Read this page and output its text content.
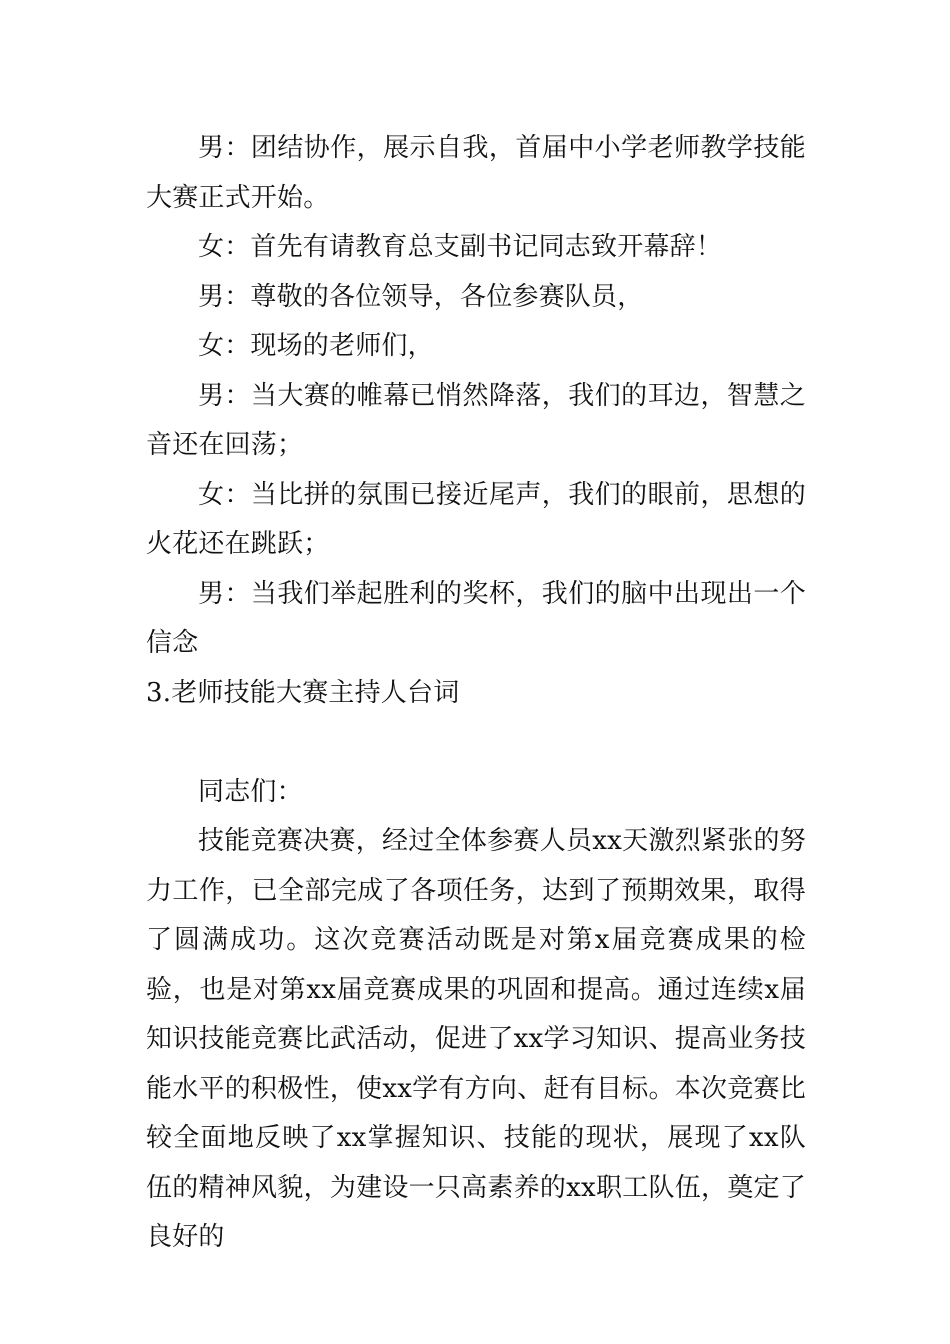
男：团结协作，展示自我，首届中小学老师教学技能大赛正式开始。

女：首先有请教育总支副书记同志致开幕辞！

男：尊敬的各位领导，各位参赛队员，

女：现场的老师们，

男：当大赛的帷幕已悄然降落，我们的耳边，智慧之音还在回荡；

女：当比拼的氛围已接近尾声，我们的眼前，思想的火花还在跳跃；

男：当我们举起胜利的奖杯，我们的脑中出现出一个信念

3.老师技能大赛主持人台词

同志们：

技能竞赛决赛，经过全体参赛人员xx天激烈紧张的努力工作，已全部完成了各项任务，达到了预期效果，取得了圆满成功。这次竞赛活动既是对第x届竞赛成果的检验，也是对第xx届竞赛成果的巩固和提高。通过连续x届知识技能竞赛比武活动，促进了xx学习知识、提高业务技能水平的积极性，使xx学有方向、赶有目标。本次竞赛比较全面地反映了xx掌握知识、技能的现状，展现了xx队伍的精神风貌，为建设一只高素养的xx职工队伍，奠定了良好的
